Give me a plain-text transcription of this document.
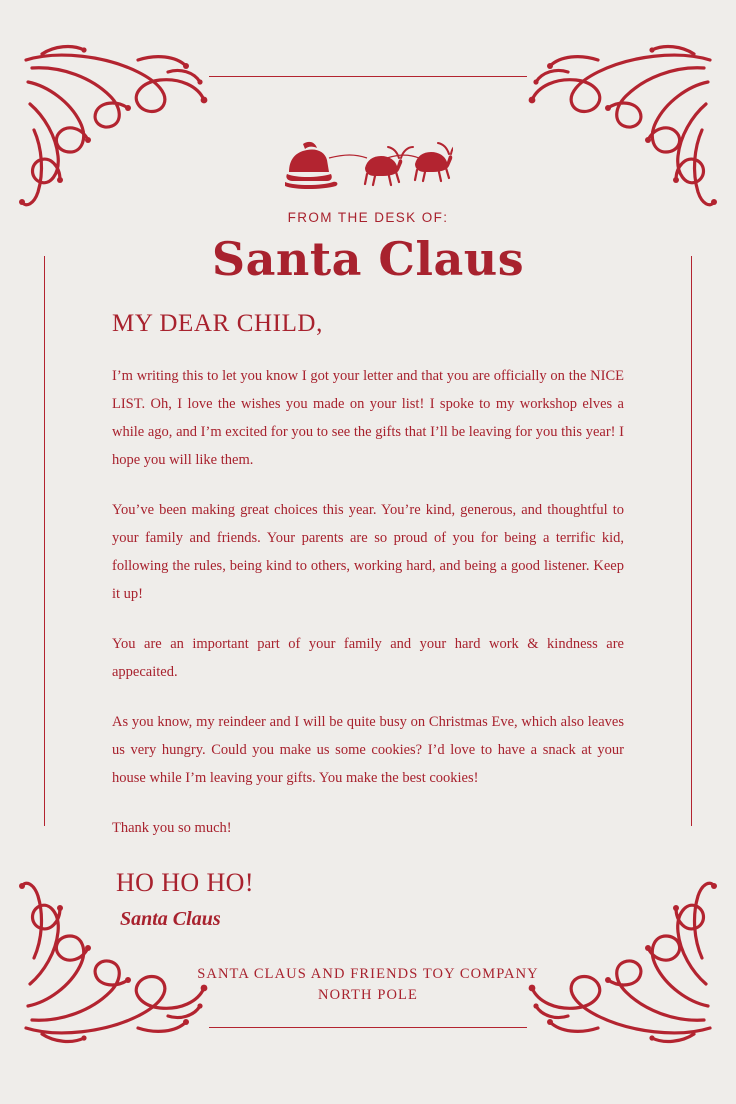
FROM THE DESK OF:
Santa Claus
MY DEAR CHILD,

I’m writing this to let you know I got your letter and that you are officially on the NICE LIST. Oh, I love the wishes you made on your list! I spoke to my workshop elves a while ago, and I’m excited for you to see the gifts that I’ll be leaving for you this year! I hope you will like them.

You’ve been making great choices this year. You’re kind, generous, and thoughtful to your family and friends. Your parents are so proud of you for being a terrific kid, following the rules, being kind to others, working hard, and being a good listener. Keep it up!

You are an important part of your family and your hard work & kindness are appecaited.

As you know, my reindeer and I will be quite busy on Christmas Eve, which also leaves us very hungry. Could you make us some cookies? I’d love to have a snack at your house while I’m leaving your gifts. You make the best cookies!

Thank you so much!

HO HO HO!
Santa Claus
SANTA CLAUS AND FRIENDS TOY COMPANY
NORTH POLE
